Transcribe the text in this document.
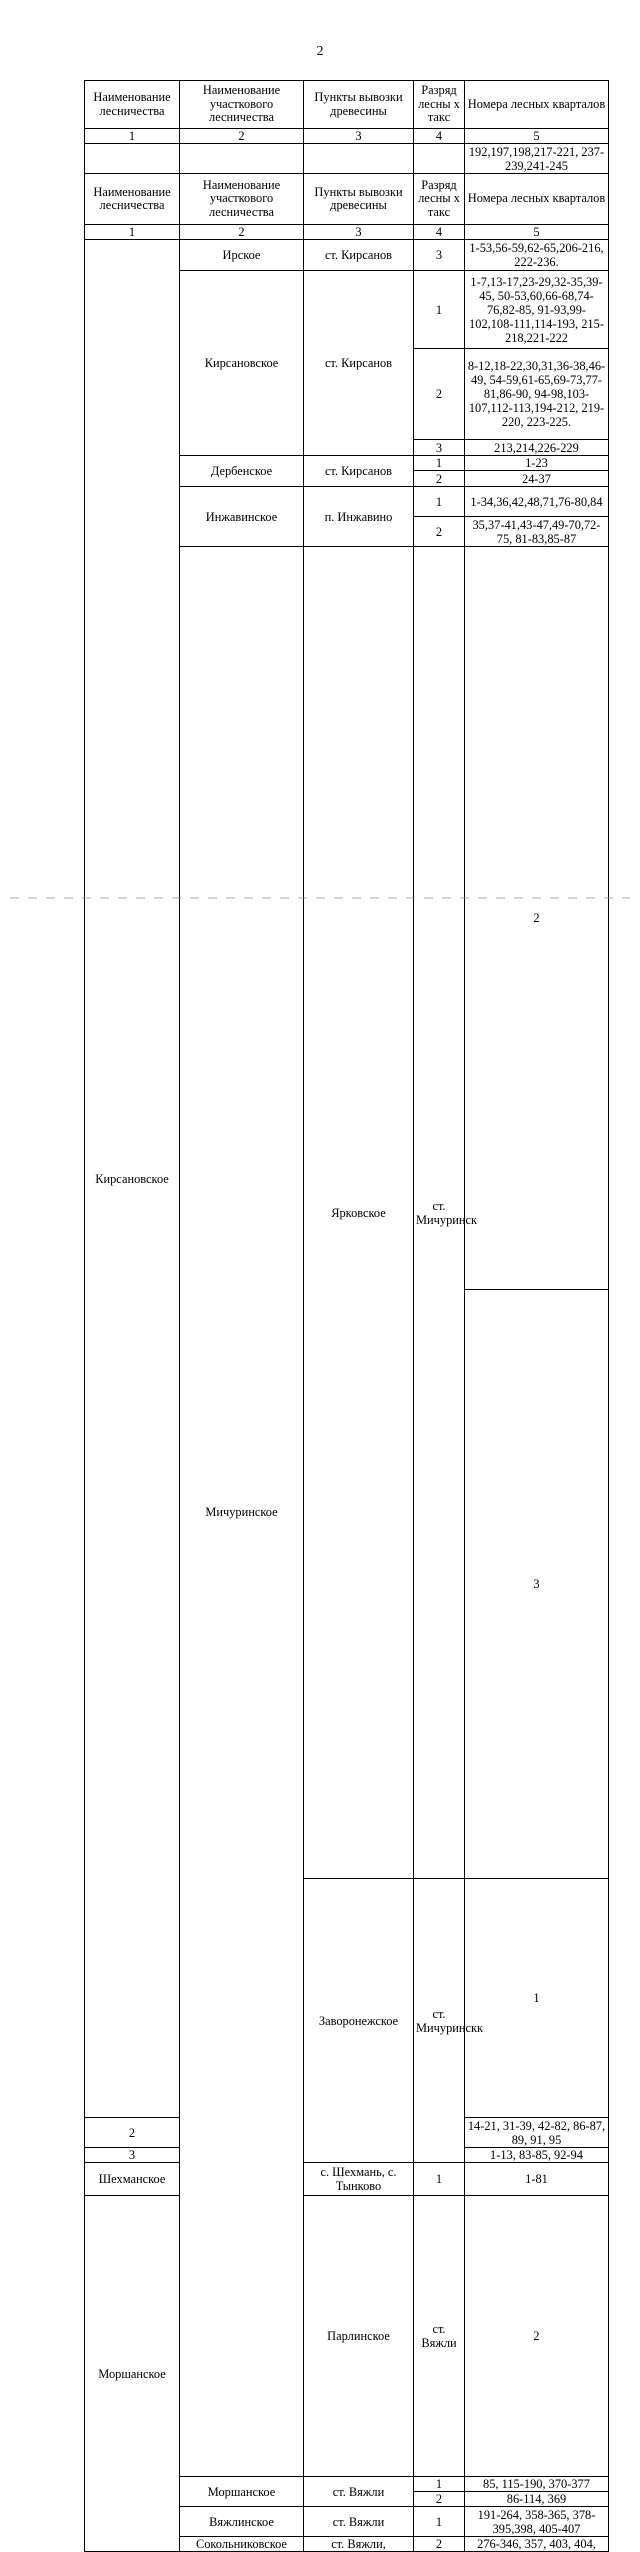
2
Наименование лесничества	Наименование участкового лесничества	Пункты вывозки древесины	Разряд лесны х такс	Номера лесных кварталов	
1	2	3	4	5	
				192,197,198,217-221, 237-239,241-245	
Наименование лесничества	Наименование участкового лесничества	Пункты вывозки древесины	Разряд лесны х такс	Номера лесных кварталов	
1	2	3	4	5	
Кирсановское	Ирское	ст. Кирсанов	3	1-53,56-59,62-65,206-216, 222-236.	
	Кирсановское	ст. Кирсанов	1	1-7,13-17,23-29,32-35,39-45, 50-53,60,66-68,74-76,82-85, 91-93,99-102,108-111,114-193, 215-218,221-222	
			2	8-12,18-22,30,31,36-38,46-49, 54-59,61-65,69-73,77-81,86-90, 94-98,103-107,112-113,194-212, 219-220, 223-225.	
			3	213,214,226-229	
	Дербенское	ст. Кирсанов	1	1-23	
			2	24-37	
	Инжавинское	п. Инжавино	1	1-34,36,42,48,71,76-80,84	
			2	35,37-41,43-47,49-70,72-75, 81-83,85-87	
	Мичуринское	Ярковское	ст. Мичуринск	2	
				3	
		Заворонежское	ст. Мичуринскк	1	
2				14-21, 31-39, 42-82, 86-87, 89, 91, 95	
3				1-13, 83-85, 92-94	
Шехманское		с. Шехмань, с. Тынково	1	1-81	
Моршанское		Парлинское	ст. Вяжли	2	
	Моршанское	ст. Вяжли	1	85, 115-190, 370-377	
			2	86-114, 369	
	Вяжлинское	ст. Вяжли	1	191-264, 358-365, 378-395,398, 405-407	
	Сокольниковское	ст. Вяжли,	2	276-346, 357, 403, 404,	
